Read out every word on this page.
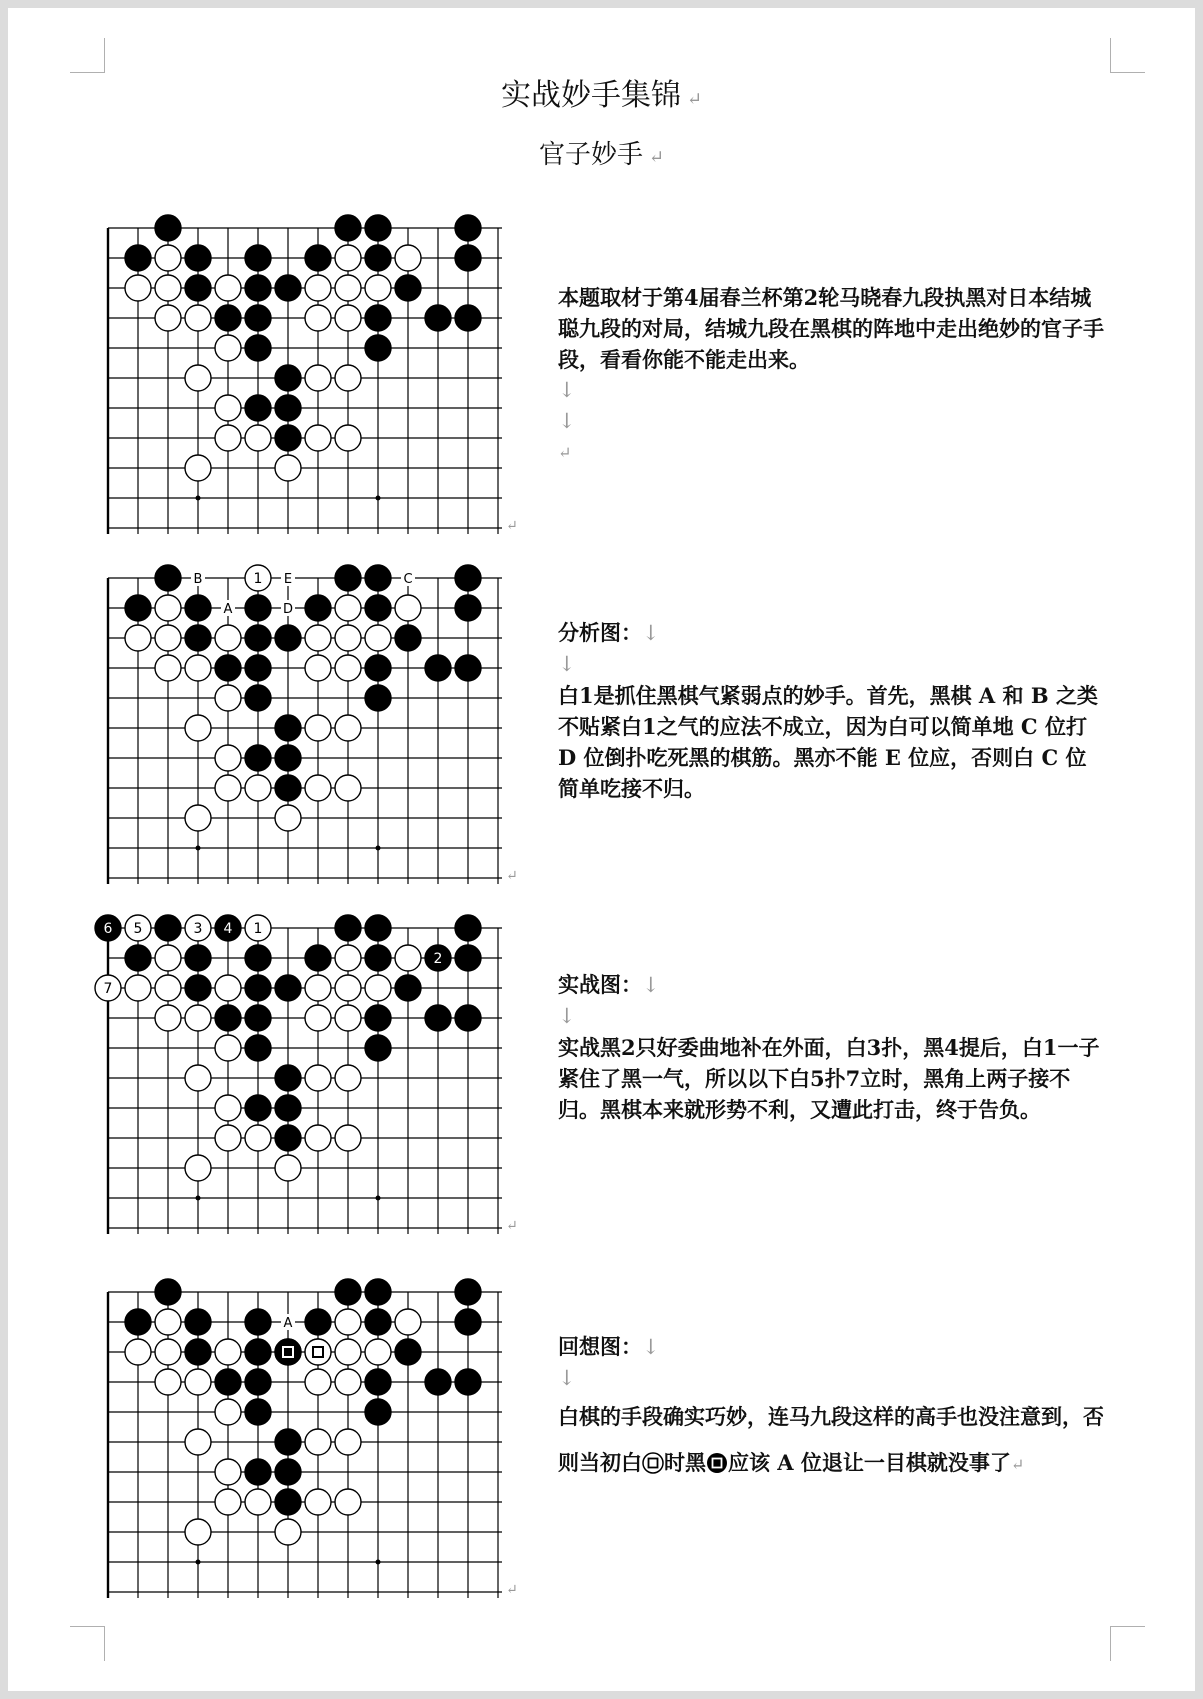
实战妙手集锦 ↵
官子妙手 ↵
↵
↵
1
B	E
A	D
C
↵
6 5	3 4 1
2
7
↵
A

本题取材于第4届春兰杯第2轮马晓春九段执黑对日本结城聪九段的对局，结城九段在黑棋的阵地中走出绝妙的官子手段，看看你能不能走出来。

↓

↓

↵

分析图：↓

↓

白1是抓住黑棋气紧弱点的妙手。首先，黑棋 A 和 B 之类不贴紧白1之气的应法不成立，因为白可以简单地 C 位打 D 位倒扑吃死黑的棋筋。黑亦不能 E 位应，否则白 C 位简单吃接不归。

实战图：↓

↓

实战黑2只好委曲地补在外面，白3扑，黑4提后，白1一子紧住了黑一气，所以以下白5扑7立时，黑角上两子接不归。黑棋本来就形势不利，又遭此打击，终于告负。

回想图：↓

↓

白棋的手段确实巧妙，连马九段这样的高手也没注意到，否则当初白 时黑 应该 A 位退让一目棋就没事了↵
